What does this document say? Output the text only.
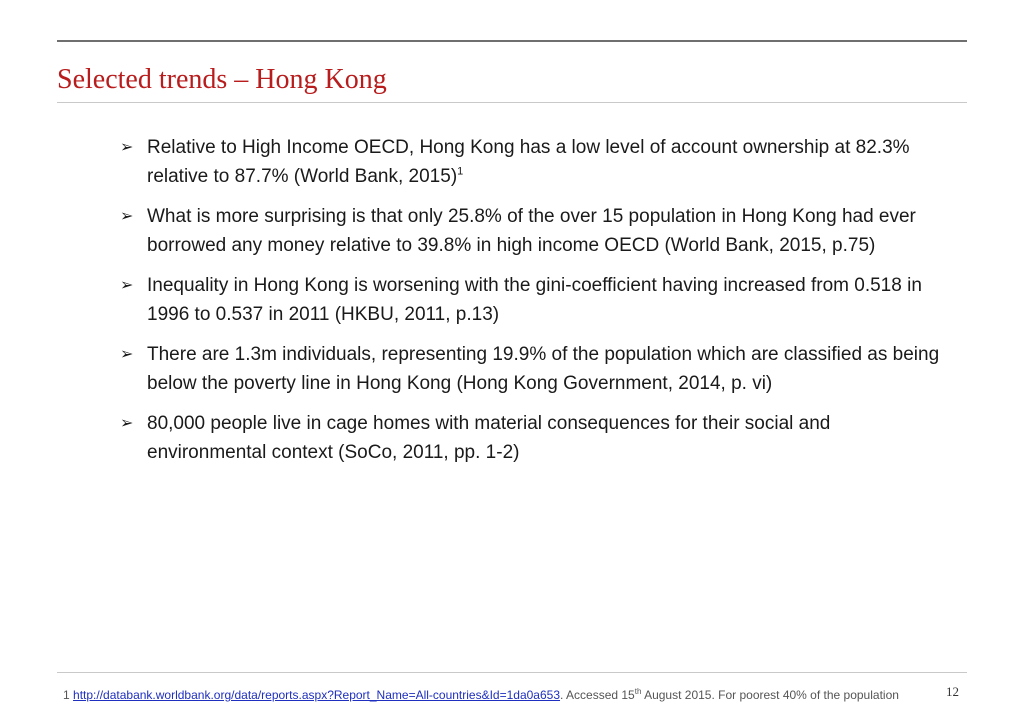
Selected trends – Hong Kong
➢ Relative to High Income OECD, Hong Kong has a low level of account ownership at 82.3% relative to 87.7% (World Bank, 2015)$^1$
➢ What is more surprising is that only 25.8% of the over 15 population in Hong Kong had ever borrowed any money relative to 39.8% in high income OECD (World Bank, 2015, p.75)
➢ Inequality in Hong Kong is worsening with the gini-coefficient having increased from 0.518 in 1996 to 0.537 in 2011 (HKBU, 2011, p.13)
➢ There are 1.3m individuals, representing 19.9% of the population which are classified as being below the poverty line in Hong Kong (Hong Kong Government, 2014, p. vi)
➢ 80,000 people live in cage homes with material consequences for their social and environmental context (SoCo, 2011, pp. 1-2)
1 http://databank.worldbank.org/data/reports.aspx?Report_Name=All-countries&Id=1da0a653. Accessed 15th August 2015. For poorest 40% of the population	12
